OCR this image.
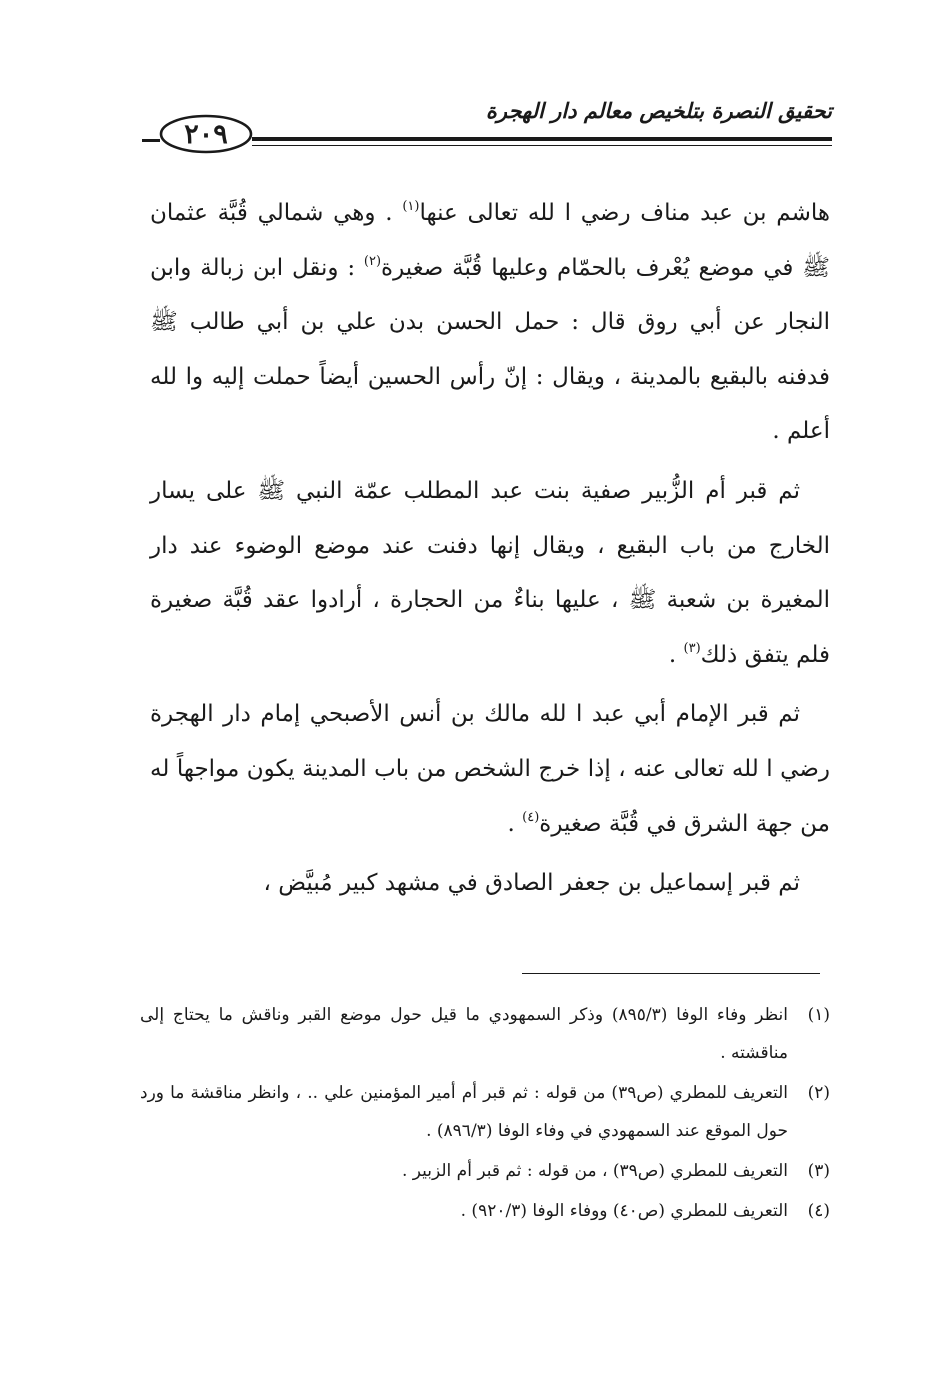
تحقيق النصرة بتلخيص معالم دار الهجرة
٢٠٩

هاشم بن عبد مناف رضي ا لله تعالى عنها$^{(١)}$ . وهي شمالي قُبَّة عثمان ﷺ في موضع يُعْرف بالحمّام وعليها قُبَّة صغيرة$^{(٢)}$ : ونقل ابن زبالة وابن النجار عن أبي روق قال : حمل الحسن بدن علي بن أبي طالب ﷺ فدفنه بالبقيع بالمدينة ، ويقال : إنّ رأس الحسين أيضاً حملت إليه وا لله أعلم .

ثم قبر أم الزُّبير صفية بنت عبد المطلب عمّة النبي ﷺ على يسار الخارج من باب البقيع ، ويقال إنها دفنت عند موضع الوضوء عند دار المغيرة بن شعبة ﷺ ، عليها بناءٌ من الحجارة ، أرادوا عقد قُبَّة صغيرة فلم يتفق ذلك$^{(٣)}$ .

ثم قبر الإمام أبي عبد ا لله مالك بن أنس الأصبحي إمام دار الهجرة رضي ا لله تعالى عنه ، إذا خرج الشخص من باب المدينة يكون مواجهاً له من جهة الشرق في قُبَّة صغيرة$^{(٤)}$ .

ثم قبر إسماعيل بن جعفر الصادق في مشهد كبير مُبيَّض ،

(١)
انظر وفاء الوفا (٨٩٥/٣) وذكر السمهودي ما قيل حول موضع القبر وناقش ما يحتاج إلى مناقشته .
(٢)
التعريف للمطري (ص٣٩) من قوله : ثم قبر أم أمير المؤمنين علي .. ، وانظر مناقشة ما ورد حول الموقع عند السمهودي في وفاء الوفا (٨٩٦/٣) .
(٣)
التعريف للمطري (ص٣٩) ، من قوله : ثم قبر أم الزبير .
(٤)
التعريف للمطري (ص٤٠) ووفاء الوفا (٩٢٠/٣) .
